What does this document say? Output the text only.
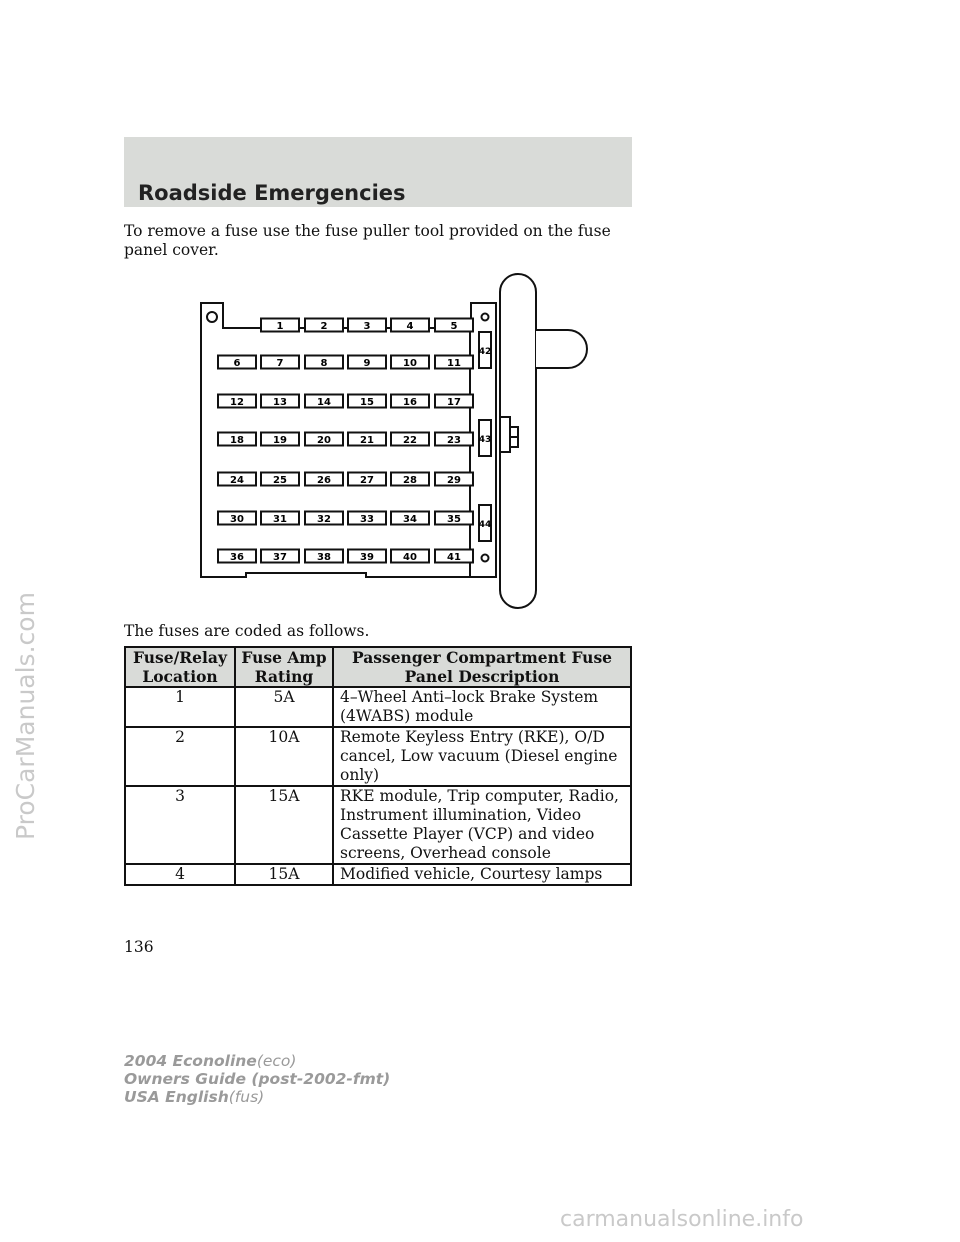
Roadside Emergencies
To remove a fuse use the fuse puller tool provided on the fuse panel cover.
1	2	3	4	5
6	7	8	9	10	11
12	13	14	15	16	17
18	19	20	21	22	23
24	25	26	27	28	29
30	31	32	33	34	35
36	37	38	39	40	41
42
43
44
The fuses are coded as follows.
Fuse/Relay Location	Fuse Amp Rating	Passenger Compartment Fuse Panel Description
1	5A	4–Wheel Anti–lock Brake System (4WABS) module
2	10A	Remote Keyless Entry (RKE), O/D cancel, Low vacuum (Diesel engine only)
3	15A	RKE module, Trip computer, Radio, Instrument illumination, Video Cassette Player (VCP) and video screens, Overhead console
4	15A	Modified vehicle, Courtesy lamps
136
2004 Econoline(eco)
Owners Guide (post-2002-fmt)
USA English(fus)
ProCarManuals.com
carmanualsonline.info
